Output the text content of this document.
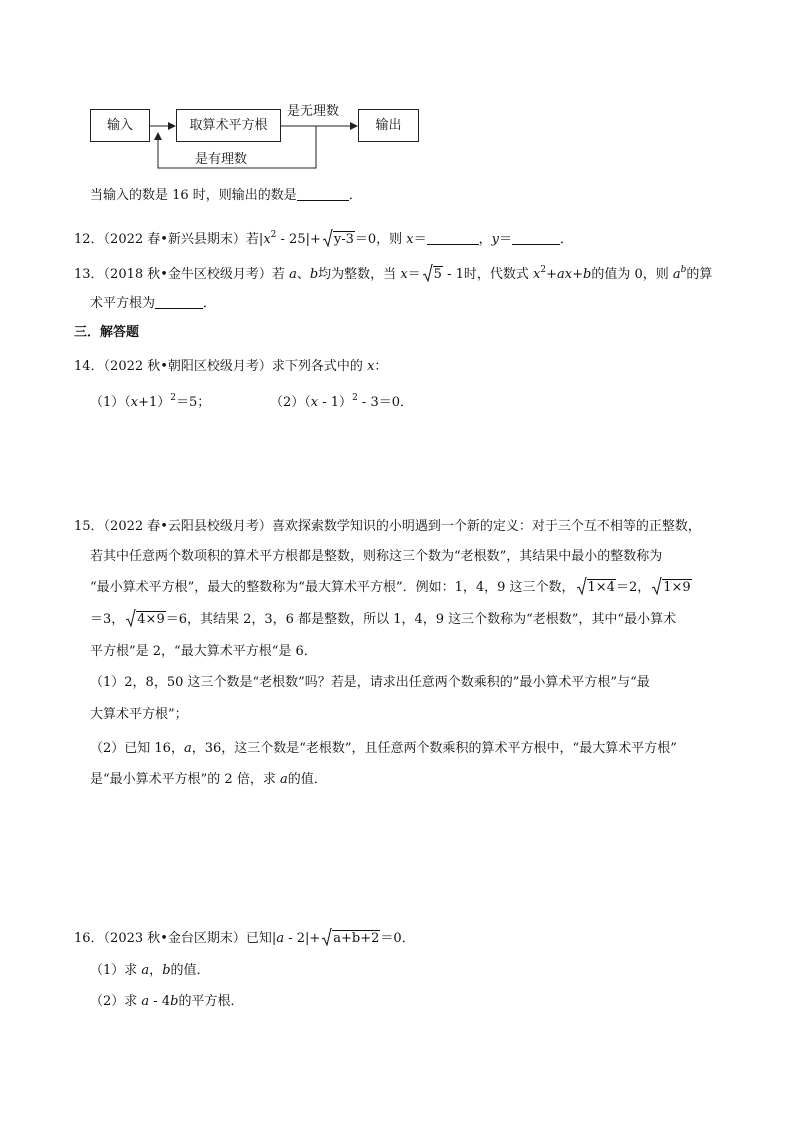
输入	取算术平方根	输出
是无理数
是有理数
当输入的数是 16 时，则输出的数是	．
12．（2022 春•新兴县期末）若$|x^2 - 25|+ y-3=0$，则 x＝	，y＝	．
13．（2018 秋•金牛区校级月考）若 a、b均为整数，当 x＝ 5 - 1时，代数式 $x^2+ax+b$的值为 0，则 $a^b$的算
术平方根为	．
三．解答题
14．（2022 秋•朝阳区校级月考）求下列各式中的 x：
$(1)(x+1)^2=5$；	（2）（x - 1）$^2$ - 3＝0．
15．（2022 春•云阳县校级月考）喜欢探索数学知识的小明遇到一个新的定义：对于三个互不相等的正整数，
若其中任意两个数项积的算术平方根都是整数，则称这三个数为“老根数”，其结果中最小的整数称为
“最小算术平方根”，最大的整数称为“最大算术平方根”．例如：1，4，9 这三个数， 1×4＝2， 1×9
＝3， 4×9＝6，其结果 2，3，6 都是整数，所以 1，4，9 这三个数称为“老根数”，其中“最小算术
平方根”是 2，“最大算术平方根“是 6．
（1）2，8，50 这三个数是“老根数”吗？若是，请求出任意两个数乘积的”最小算术平方根”与“最
大算术平方根”；
（2）已知 16，a，36，这三个数是“老根数”，且任意两个数乘积的算术平方根中，“最大算术平方根”
是“最小算术平方根”的 2 倍，求 a的值．
16．（2023 秋•金台区期末）已知|a - 2|+ a+b+2＝0．
（1）求 a，b的值．
（2）求 a - 4b的平方根．
